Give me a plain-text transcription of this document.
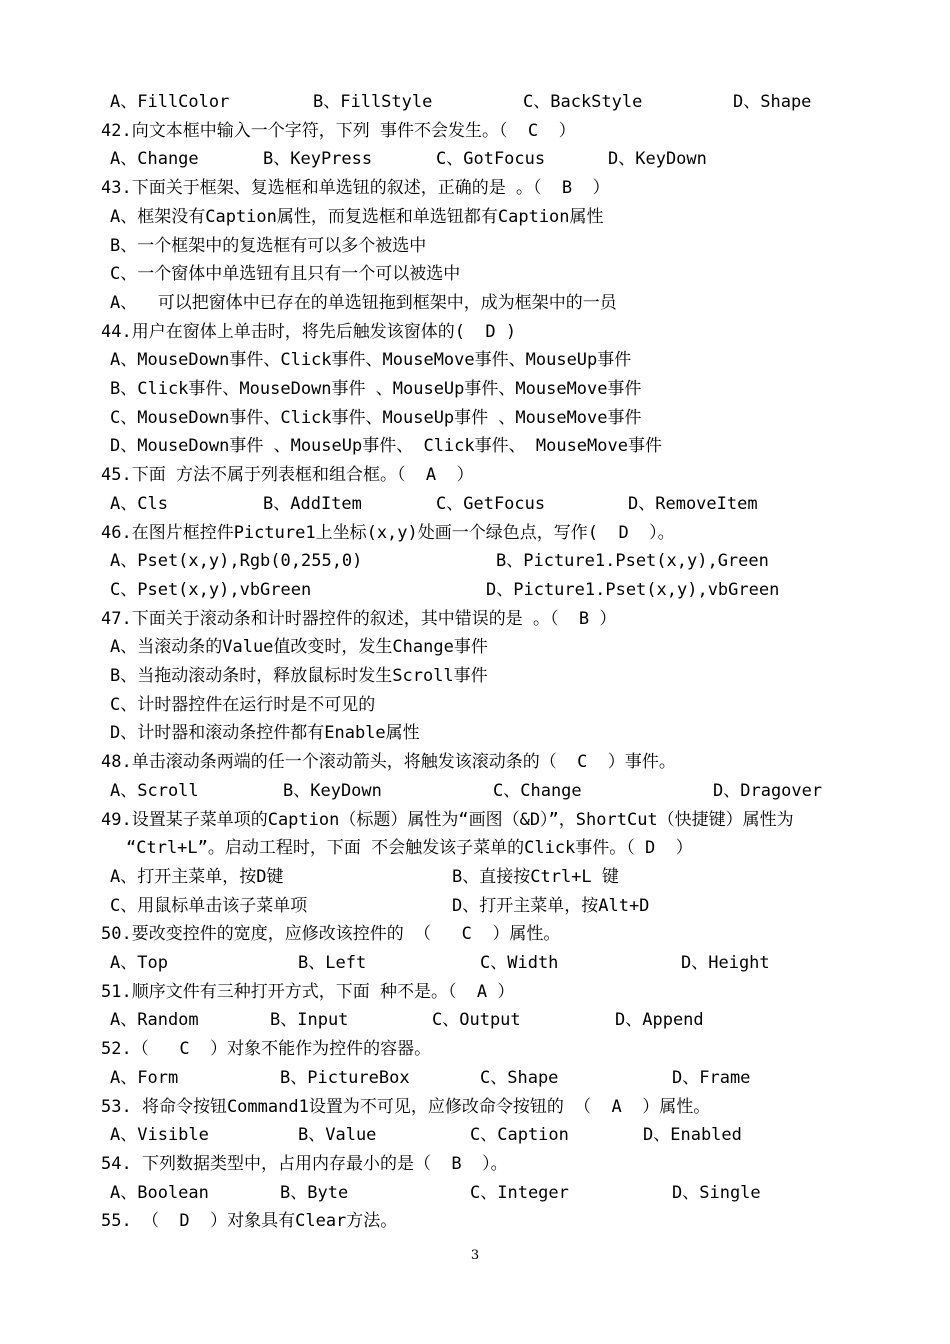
A、FillColor	B、FillStyle	C、BackStyle	D、Shape
42.向文本框中输入一个字符，下列 事件不会发生。（  C  ）
A、Change	B、KeyPress	C、GotFocus	D、KeyDown
43.下面关于框架、复选框和单选钮的叙述，正确的是 。（  B  ）
A、框架没有Caption属性，而复选框和单选钮都有Caption属性
B、一个框架中的复选框有可以多个被选中
C、一个窗体中单选钮有且只有一个可以被选中
A、  可以把窗体中已存在的单选钮拖到框架中，成为框架中的一员
44.用户在窗体上单击时，将先后触发该窗体的(  D )
A、MouseDown事件、Click事件、MouseMove事件、MouseUp事件
B、Click事件、MouseDown事件 、MouseUp事件、MouseMove事件
C、MouseDown事件、Click事件、MouseUp事件 、MouseMove事件
D、MouseDown事件 、MouseUp事件、 Click事件、 MouseMove事件
45.下面 方法不属于列表框和组合框。（  A  ）
A、Cls	B、AddItem	C、GetFocus	D、RemoveItem
46.在图片框控件Picture1上坐标(x,y)处画一个绿色点，写作(  D  ）。
A、Pset(x,y),Rgb(0,255,0)	B、Picture1.Pset(x,y),Green
C、Pset(x,y),vbGreen	D、Picture1.Pset(x,y),vbGreen
47.下面关于滚动条和计时器控件的叙述，其中错误的是 。（  B ）
A、当滚动条的Value值改变时，发生Change事件
B、当拖动滚动条时，释放鼠标时发生Scroll事件
C、计时器控件在运行时是不可见的
D、计时器和滚动条控件都有Enable属性
48.单击滚动条两端的任一个滚动箭头，将触发该滚动条的（  C  ）事件。
A、Scroll	B、KeyDown	C、Change	D、Dragover
49.设置某子菜单项的Caption（标题）属性为“画图（&D）”，ShortCut（快捷键）属性为
“Ctrl+L”。启动工程时，下面 不会触发该子菜单的Click事件。（ D  ）
A、打开主菜单，按D键	B、直接按Ctrl+L 键
C、用鼠标单击该子菜单项	D、打开主菜单，按Alt+D
50.要改变控件的宽度，应修改该控件的 （   C  ）属性。
A、Top	B、Left	C、Width	D、Height
51.顺序文件有三种打开方式，下面 种不是。（  A ）
A、Random	B、Input	C、Output	D、Append
52.（   C  ）对象不能作为控件的容器。
A、Form	B、PictureBox	C、Shape	D、Frame
53. 将命令按钮Command1设置为不可见，应修改命令按钮的 （  A  ）属性。
A、Visible	B、Value	C、Caption	D、Enabled
54. 下列数据类型中，占用内存最小的是（  B  ）。
A、Boolean	B、Byte	C、Integer	D、Single
55. （  D  ）对象具有Clear方法。
3
